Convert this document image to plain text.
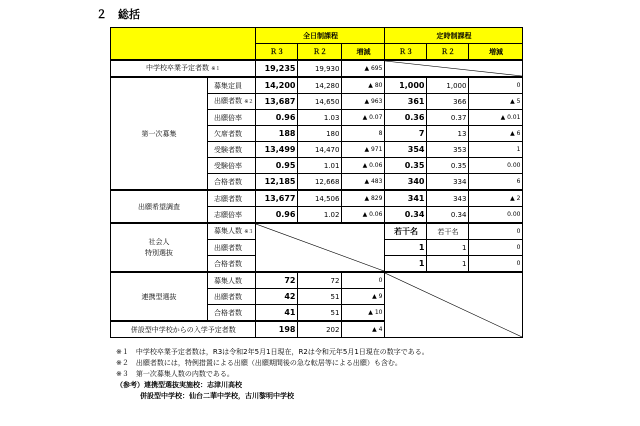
２　総括
		全日制課程			定時制課程		
		Ｒ３	Ｒ２	増減	Ｒ３	Ｒ２	増減
中学校卒業予定者数 ※１		19,235	19,930	▲ 695	

第一次募集	募集定員	14,200	14,280	▲ 80	1,000	1,000	0
	出願者数 ※２	13,687	14,650	▲ 963	361	366	▲ 5
	出願倍率	0.96	1.03	▲ 0.07	0.36	0.37	▲ 0.01
	欠席者数	188	180	8	7	13	▲ 6
	受験者数	13,499	14,470	▲ 971	354	353	1
	受験倍率	0.95	1.01	▲ 0.06	0.35	0.35	0.00
	合格者数	12,185	12,668	▲ 483	340	334	6
出願希望調査	志願者数	13,677	14,506	▲ 829	341	343	▲ 2
	志願倍率	0.96	1.02	▲ 0.06	0.34	0.34	0.00
社会人
特別選抜	募集人数 ※３				若干名	若干名	0
	出願者数				1	1	0
	合格者数				1	1	0
連携型選抜	募集人数	72	72	0	

	出願者数	42	51	▲ 9			
	合格者数	41	51	▲ 10			
併設型中学校からの入学予定者数		198	202	▲ 4			
※１　中学校卒業予定者数は，R3は令和2年5月1日現在，R2は令和元年5月1日現在の数字である。
※２　出願者数には，特例措置による出願（出願期間後の急な転居等による出願）も含む。
※３　第一次募集人数の内数である。
（参考）連携型選抜実施校：志津川高校
併設型中学校：仙台二華中学校，古川黎明中学校
